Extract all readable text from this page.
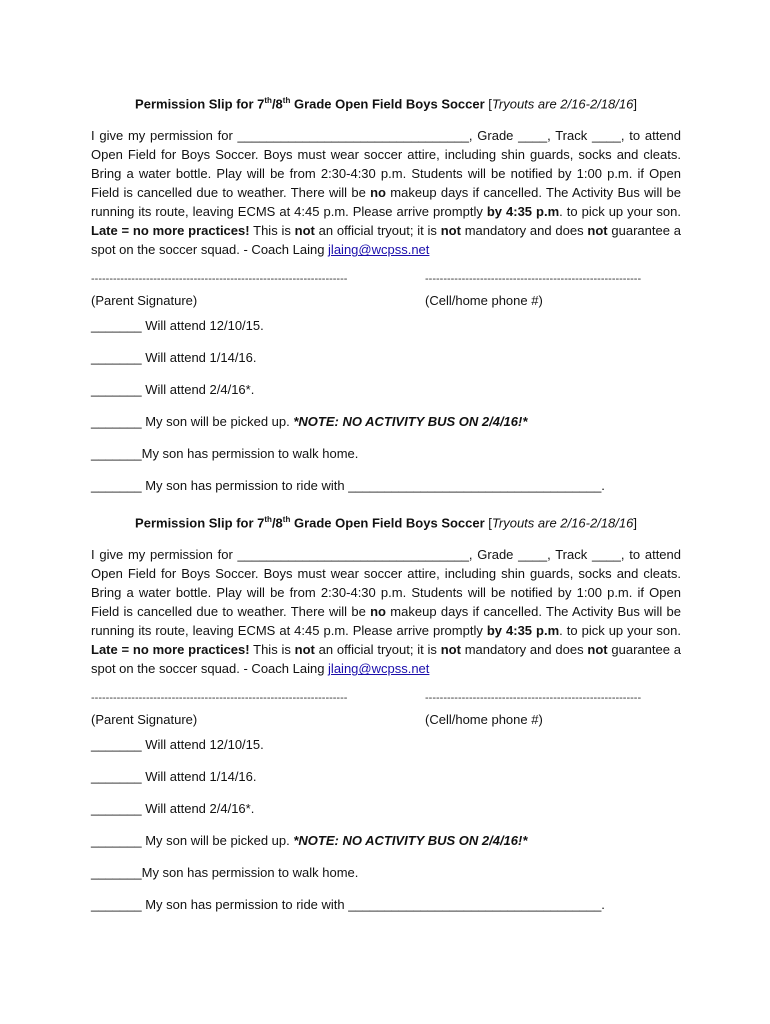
Permission Slip for 7th/8th Grade Open Field Boys Soccer [Tryouts are 2/16-2/18/16]
I give my permission for ________________________________, Grade ____, Track ____, to attend Open Field for Boys Soccer. Boys must wear soccer attire, including shin guards, socks and cleats. Bring a water bottle. Play will be from 2:30-4:30 p.m. Students will be notified by 1:00 p.m. if Open Field is cancelled due to weather. There will be no makeup days if cancelled. The Activity Bus will be running its route, leaving ECMS at 4:45 p.m. Please arrive promptly by 4:35 p.m. to pick up your son. Late = no more practices! This is not an official tryout; it is not mandatory and does not guarantee a spot on the soccer squad. - Coach Laing jlaing@wcpss.net
----------------------------------------------------------------------	-----------------------------------------------------------
(Parent Signature)	(Cell/home phone #)
_______ Will attend 12/10/15.
_______ Will attend 1/14/16.
_______ Will attend 2/4/16*.
_______ My son will be picked up. *NOTE: NO ACTIVITY BUS ON 2/4/16!*
_______My son has permission to walk home.
_______ My son has permission to ride with ___________________________________.
Permission Slip for 7th/8th Grade Open Field Boys Soccer [Tryouts are 2/16-2/18/16]
I give my permission for ________________________________, Grade ____, Track ____, to attend Open Field for Boys Soccer. Boys must wear soccer attire, including shin guards, socks and cleats. Bring a water bottle. Play will be from 2:30-4:30 p.m. Students will be notified by 1:00 p.m. if Open Field is cancelled due to weather. There will be no makeup days if cancelled. The Activity Bus will be running its route, leaving ECMS at 4:45 p.m. Please arrive promptly by 4:35 p.m. to pick up your son. Late = no more practices! This is not an official tryout; it is not mandatory and does not guarantee a spot on the soccer squad. - Coach Laing jlaing@wcpss.net
----------------------------------------------------------------------	-----------------------------------------------------------
(Parent Signature)	(Cell/home phone #)
_______ Will attend 12/10/15.
_______ Will attend 1/14/16.
_______ Will attend 2/4/16*.
_______ My son will be picked up. *NOTE: NO ACTIVITY BUS ON 2/4/16!*
_______My son has permission to walk home.
_______ My son has permission to ride with ___________________________________.
